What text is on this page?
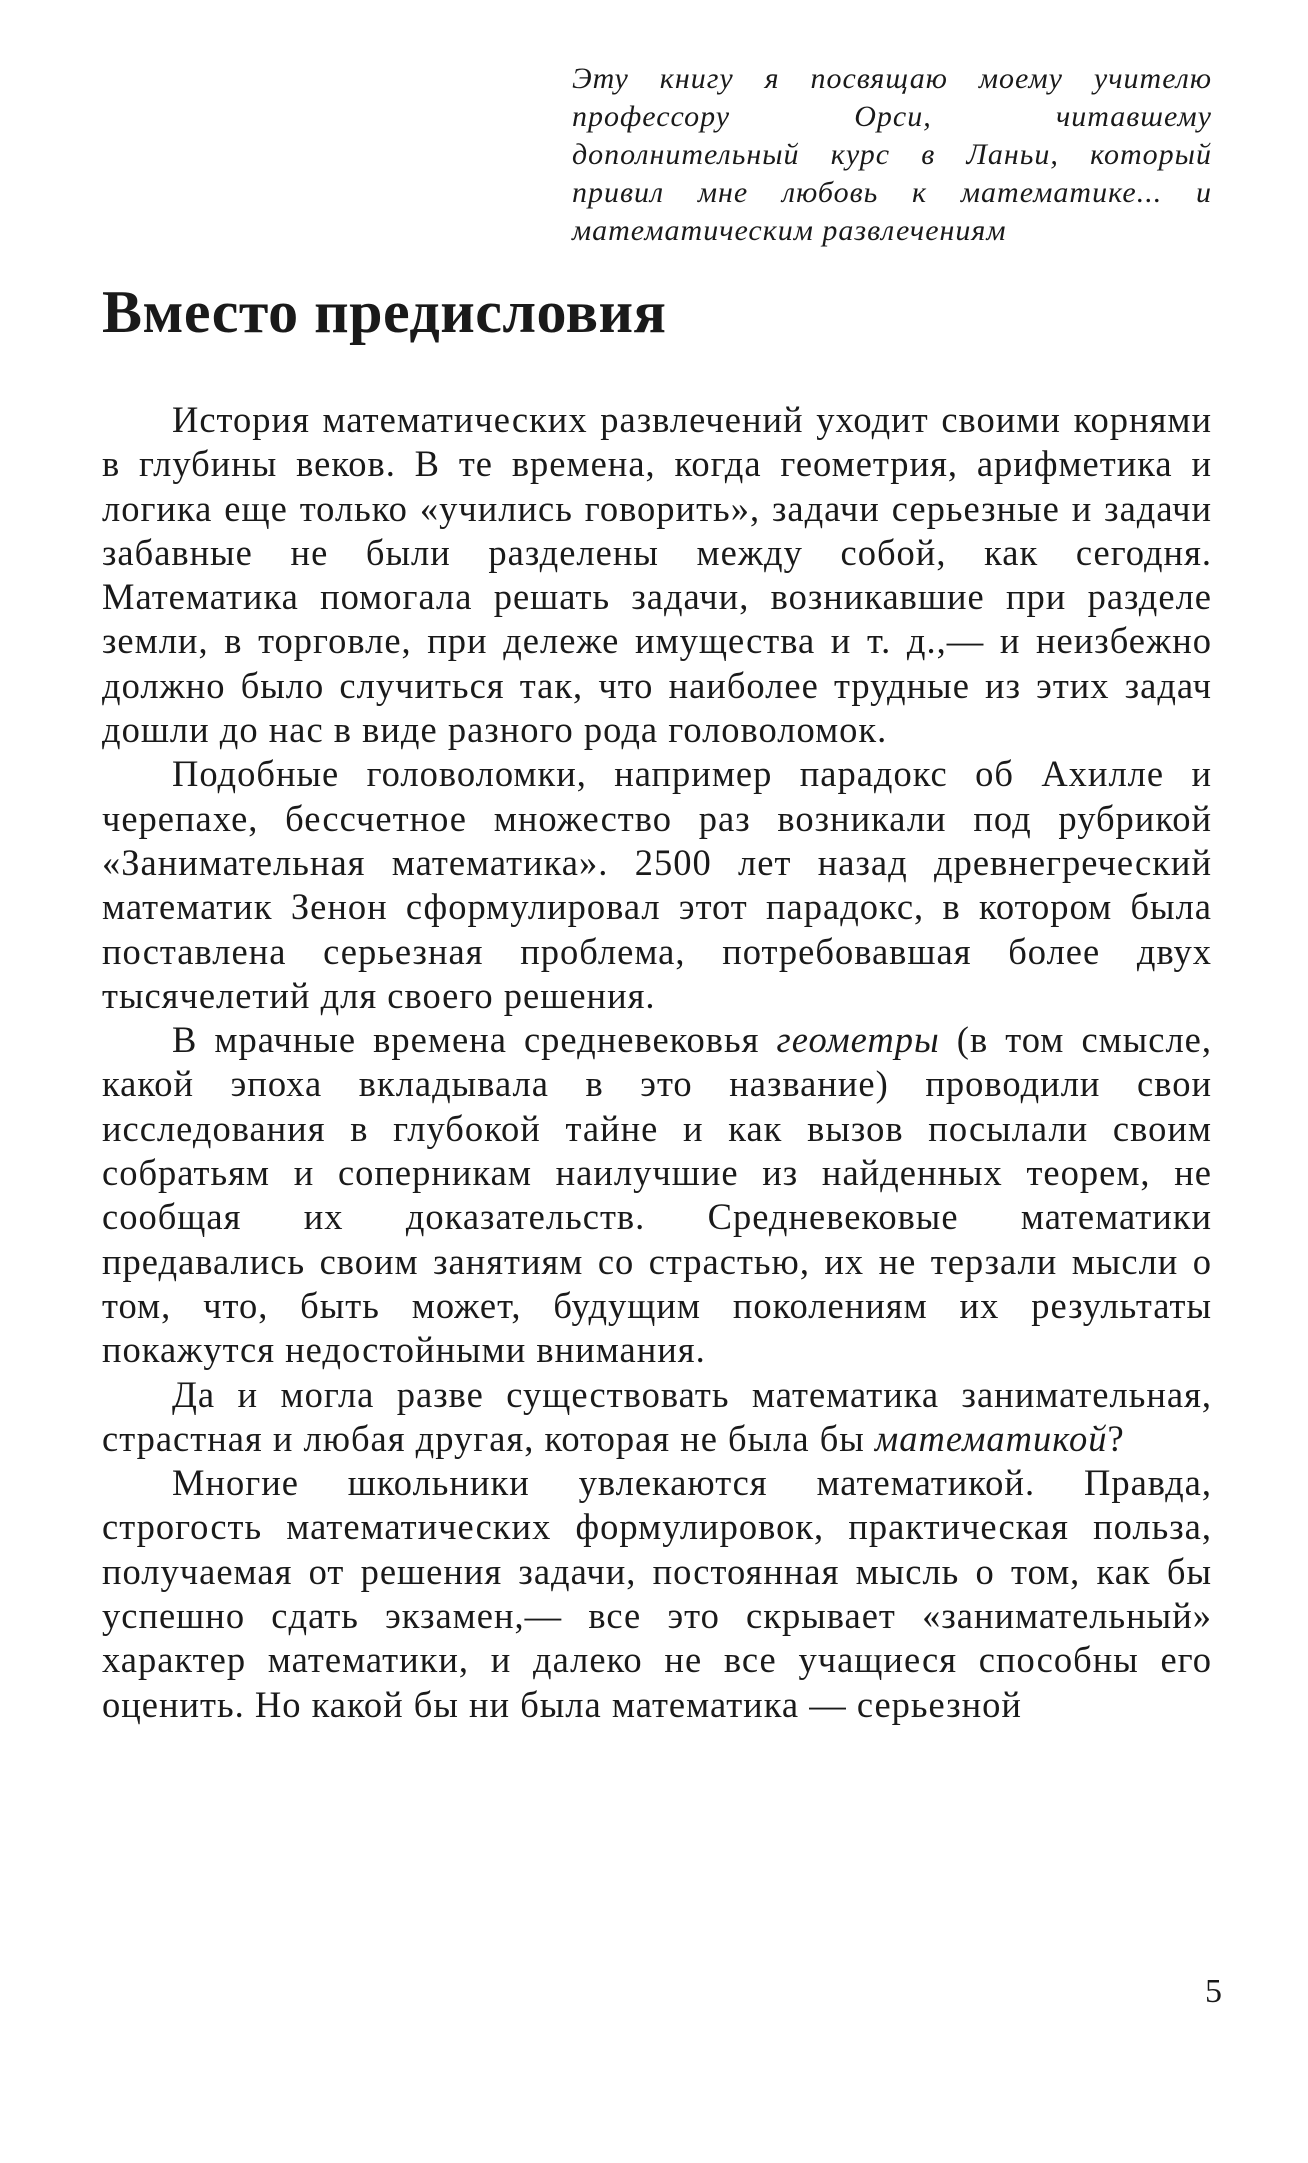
Эту книгу я посвящаю моему учителю профессору Орси, читавшему дополнительный курс в Ланьи, который привил мне любовь к математике... и математическим развлечениям
Вместо предисловия

История математических развлечений уходит своими корнями в глубины веков. В те времена, когда геометрия, арифметика и логика еще только «учились говорить», задачи серьезные и задачи забавные не были разделены между собой, как сегодня. Математика помогала решать задачи, возникавшие при разделе земли, в торговле, при дележе имущества и т. д.,— и неизбежно должно было случиться так, что наиболее трудные из этих задач дошли до нас в виде разного рода головоломок.

Подобные головоломки, например парадокс об Ахилле и черепахе, бессчетное множество раз возникали под рубрикой «Занимательная математика». 2500 лет назад древнегреческий математик Зенон сформулировал этот парадокс, в котором была поставлена серьезная проблема, потребовавшая более двух тысячелетий для своего решения.

В мрачные времена средневековья геометры (в том смысле, какой эпоха вкладывала в это название) проводили свои исследования в глубокой тайне и как вызов посылали своим собратьям и соперникам наилучшие из найденных теорем, не сообщая их доказательств. Средневековые математики предавались своим занятиям со страстью, их не терзали мысли о том, что, быть может, будущим поколениям их результаты покажутся недостойными внимания.

Да и могла разве существовать математика занимательная, страстная и любая другая, которая не была бы математикой?

Многие школьники увлекаются математикой. Правда, строгость математических формулировок, практическая польза, получаемая от решения задачи, постоянная мысль о том, как бы успешно сдать экзамен,— все это скрывает «занимательный» характер математики, и далеко не все учащиеся способны его оценить. Но какой бы ни была математика — серьезной

5
